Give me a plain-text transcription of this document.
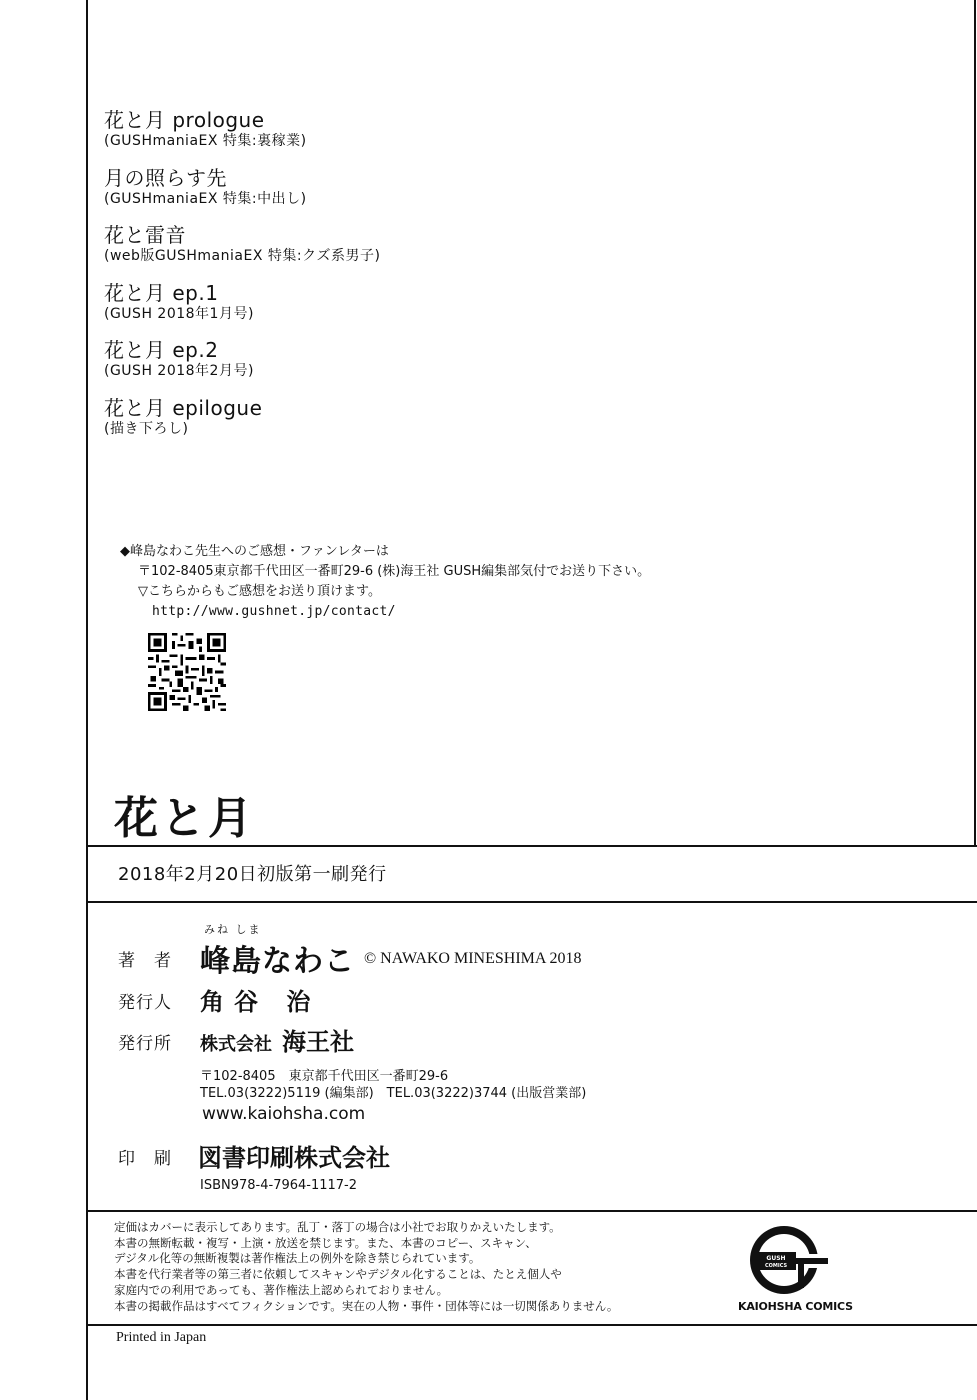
花と月 prologue
(GUSHmaniaEX 特集:裏稼業)
月の照らす先
(GUSHmaniaEX 特集:中出し)
花と雷音
(web版GUSHmaniaEX 特集:クズ系男子)
花と月 ep.1
(GUSH 2018年1月号)
花と月 ep.2
(GUSH 2018年2月号)
花と月 epilogue
(描き下ろし)
◆峰島なわこ先生へのご感想・ファンレターは
〒102-8405東京都千代田区一番町29-6 (株)海王社 GUSH編集部気付でお送り下さい。
▽こちらからもご感想をお送り頂けます。
http://www.gushnet.jp/contact/
花と月
2018年2月20日初版第一刷発行
著　者
みね しま
峰島なわこ © NAWAKO MINESHIMA 2018
発行人 角谷 治
発行所 株式会社 海王社
〒102-8405　東京都千代田区一番町29-6
TEL.03(3222)5119 (編集部)　TEL.03(3222)3744 (出版営業部)
www.kaiohsha.com
印　刷 図書印刷株式会社
ISBN978-4-7964-1117-2
定価はカバーに表示してあります。乱丁・落丁の場合は小社でお取りかえいたします。
本書の無断転載・複写・上演・放送を禁じます。また、本書のコピー、スキャン、
デジタル化等の無断複製は著作権法上の例外を除き禁じられています。
本書を代行業者等の第三者に依頼してスキャンやデジタル化することは、たとえ個人や
家庭内での利用であっても、著作権法上認められておりません。
本書の掲載作品はすべてフィクションです。実在の人物・事件・団体等には一切関係ありません。
GUSH
COMICS
KAIOHSHA COMICS
Printed in Japan
